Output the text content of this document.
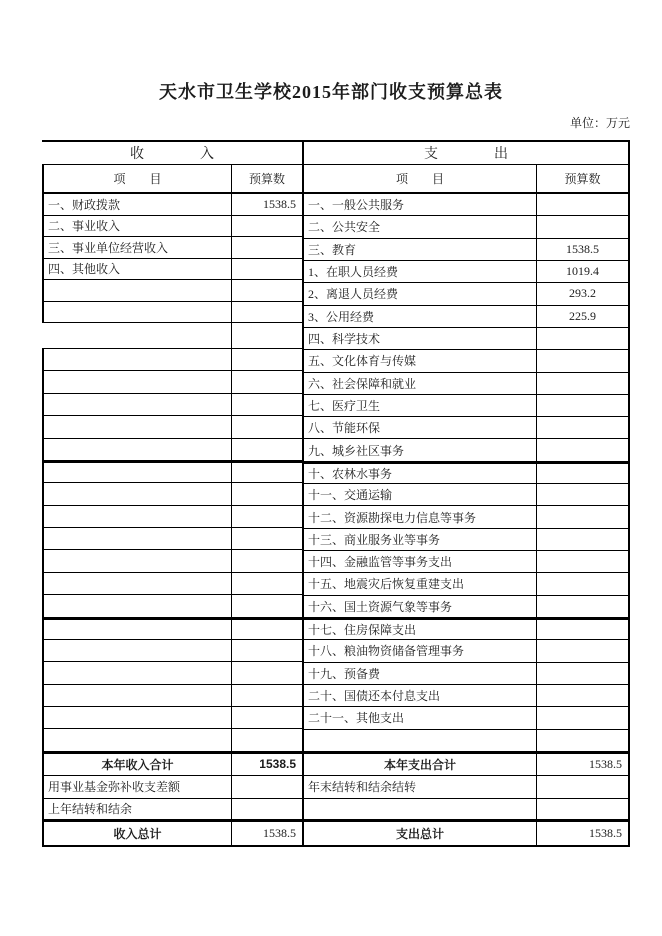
天水市卫生学校2015年部门收支预算总表
单位：万元
收　　　　入
项　　目	预算数
一、财政拨款	1538.5
二、事业收入
三、事业单位经营收入
四、其他收入
本年收入合计	1538.5
用事业基金弥补收支差额
上年结转和结余
收入总计	1538.5
支　　　　出
项　　目	预算数
一、一般公共服务
二、公共安全
三、教育	1538.5
1、在职人员经费	1019.4
2、离退人员经费	293.2
3、公用经费	225.9
四、科学技术
五、文化体育与传媒
六、社会保障和就业
七、医疗卫生
八、节能环保
九、城乡社区事务
十、农林水事务
十一、交通运输
十二、资源勘探电力信息等事务
十三、商业服务业等事务
十四、金融监管等事务支出
十五、地震灾后恢复重建支出
十六、国土资源气象等事务
十七、住房保障支出
十八、粮油物资储备管理事务
十九、预备费
二十、国债还本付息支出
二十一、其他支出
本年支出合计	1538.5
年末结转和结余结转
支出总计	1538.5
